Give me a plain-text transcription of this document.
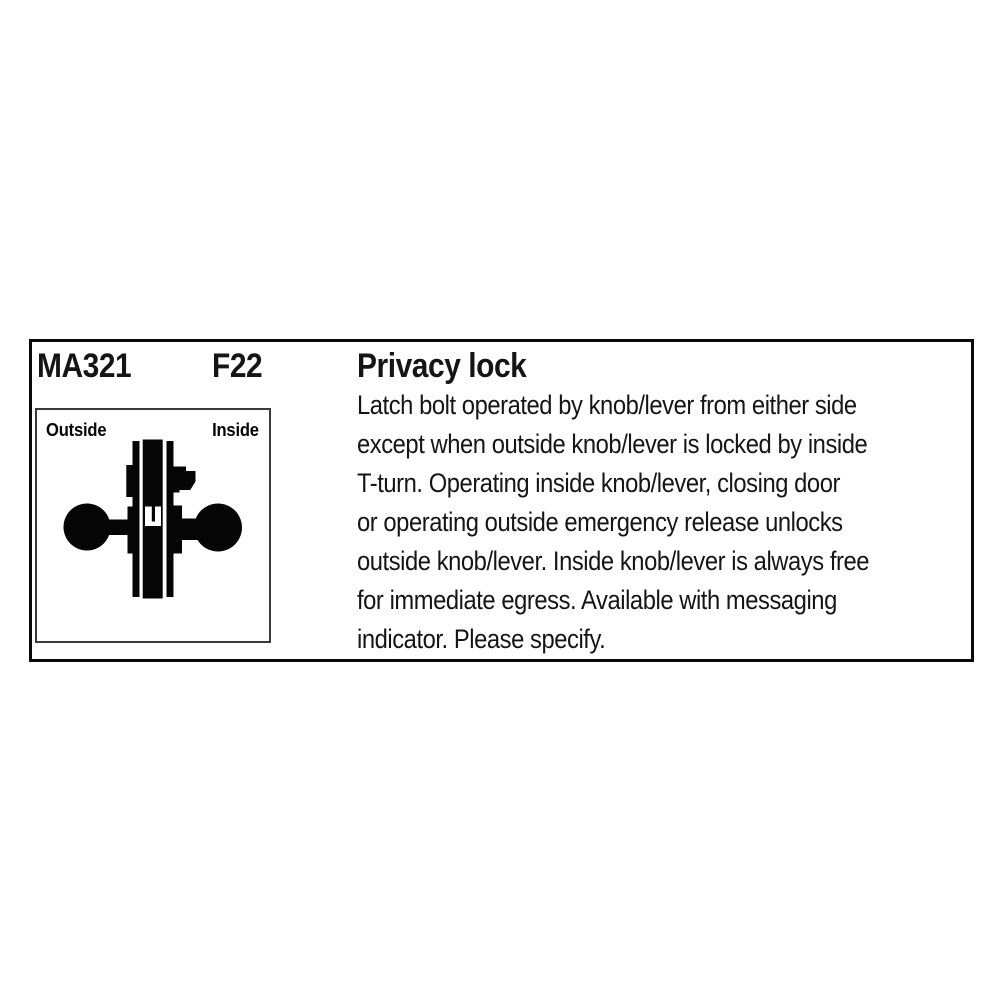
MA321 F22	Privacy lock
Outside	Inside
Latch bolt operated by knob/lever from either side
except when outside knob/lever is locked by inside
T-turn. Operating inside knob/lever, closing door
or operating outside emergency release unlocks
outside knob/lever. Inside knob/lever is always free
for immediate egress. Available with messaging
indicator. Please specify.
